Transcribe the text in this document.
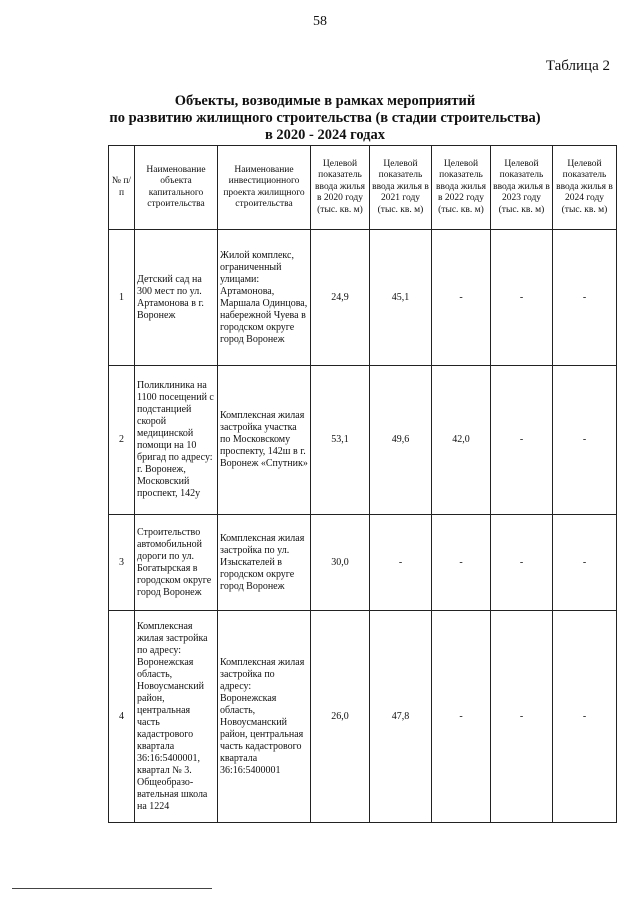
58
Таблица 2
Объекты, возводимые в рамках мероприятий
по развитию жилищного строительства (в стадии строительства)
в 2020 - 2024 годах
№ п/п	Наименование объекта капитального строительства	Наименование инвестиционного проекта жилищного строительства	Целевой показатель ввода жилья в 2020 году (тыс. кв. м)	Целевой показатель ввода жилья в 2021 году (тыс. кв. м)	Целевой показатель ввода жилья в 2022 году (тыс. кв. м)	Целевой показатель ввода жилья в 2023 году (тыс. кв. м)	Целевой показатель ввода жилья в 2024 году (тыс. кв. м)
1	Детский сад на 300 мест по ул. Артамонова в г. Воронеж	Жилой комплекс, ограниченный улицами: Артамонова, Маршала Одинцова, набережной Чуева в городском округе город Воронеж	24,9	45,1	-	-	-
2	Поликлиника на 1100 посещений с подстанцией скорой медицинской помощи на 10 бригад по адресу: г. Воронеж, Московский проспект, 142у	Комплексная жилая застройка участка по Московскому проспекту, 142ш в г. Воронеж «Спутник»	53,1	49,6	42,0	-	-
3	Строительство автомобильной дороги по ул. Богатырская в городском округе город Воронеж	Комплексная жилая застройка по ул. Изыскателей в городском округе город Воронеж	30,0	-	-	-	-
4	Комплексная жилая застройка по адресу: Воронежская область, Новоусманский район, центральная часть кадастрового квартала 36:16:5400001, квартал № 3. Общеобразо-вательная школа на 1224	Комплексная жилая застройка по адресу: Воронежская область, Новоусманский район, центральная часть кадастрового квартала 36:16:5400001	26,0	47,8	-	-	-
